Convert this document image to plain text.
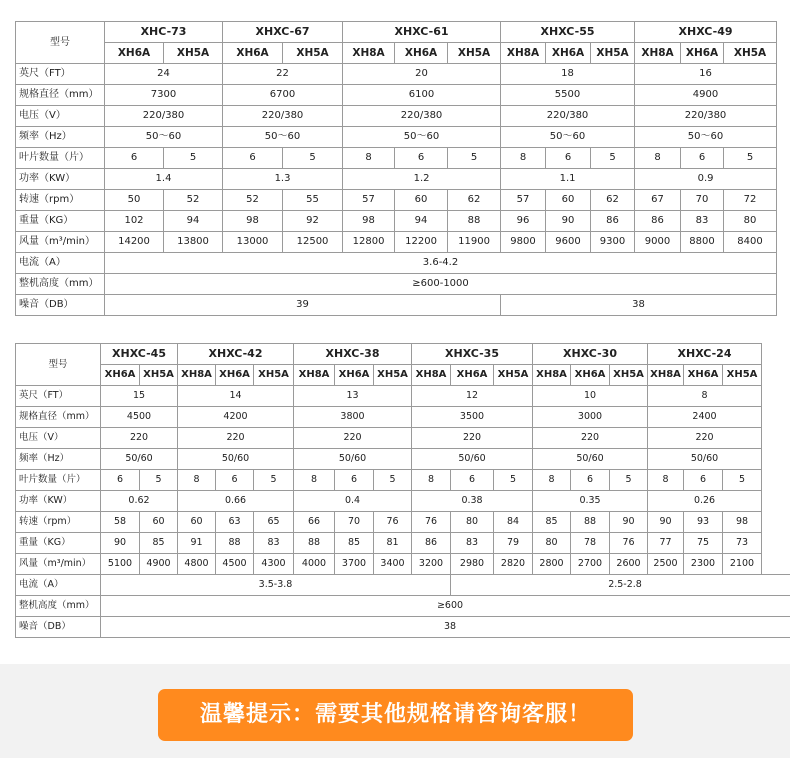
型号	XHC-73		XHXC-67		XHXC-61			XHXC-55			XHXC-49		
	XH6A	XH5A	XH6A	XH5A	XH8A	XH6A	XH5A	XH8A	XH6A	XH5A	XH8A	XH6A	XH5A
英尺（FT）	24		22		20			18			16		
规格直径（mm）	7300		6700		6100			5500			4900		
电压（V）	220/380		220/380		220/380			220/380			220/380		
频率（Hz）	50～60		50～60		50～60			50～60			50～60		
叶片数量（片）	6	5	6	5	8	6	5	8	6	5	8	6	5
功率（KW）	1.4		1.3		1.2			1.1			0.9		
转速（rpm）	50	52	52	55	57	60	62	57	60	62	67	70	72
重量（KG）	102	94	98	92	98	94	88	96	90	86	86	83	80
风量（m³/min）	14200	13800	13000	12500	12800	12200	11900	9800	9600	9300	9000	8800	8400
电流（A）	3.6-4.2												
整机高度（mm）	≥600-1000												
噪音（DB）	39							38					
型号	XHXC-45		XHXC-42			XHXC-38			XHXC-35			XHXC-30			XHXC-24		
	XH6A	XH5A	XH8A	XH6A	XH5A	XH8A	XH6A	XH5A	XH8A	XH6A	XH5A	XH8A	XH6A	XH5A	XH8A	XH6A	XH5A
英尺（FT）	15		14			13			12			10			8		
规格直径（mm）	4500		4200			3800			3500			3000			2400		
电压（V）	220		220			220			220			220			220		
频率（Hz）	50/60		50/60			50/60			50/60			50/60			50/60		
叶片数量（片）	6	5	8	6	5	8	6	5	8	6	5	8	6	5	8	6	5
功率（KW）	0.62		0.66			0.4			0.38			0.35			0.26		
转速（rpm）	58	60	60	63	65	66	70	76	76	80	84	85	88	90	90	93	98
重量（KG）	90	85	91	88	83	88	85	81	86	83	79	80	78	76	77	75	73
风量（m³/min）	5100	4900	4800	4500	4300	4000	3700	3400	3200	2980	2820	2800	2700	2600	2500	2300	2100
电流（A）	3.5-3.8									2.5-2.8							
整机高度（mm）	≥600																
噪音（DB）	38																
温馨提示：需要其他规格请咨询客服！
